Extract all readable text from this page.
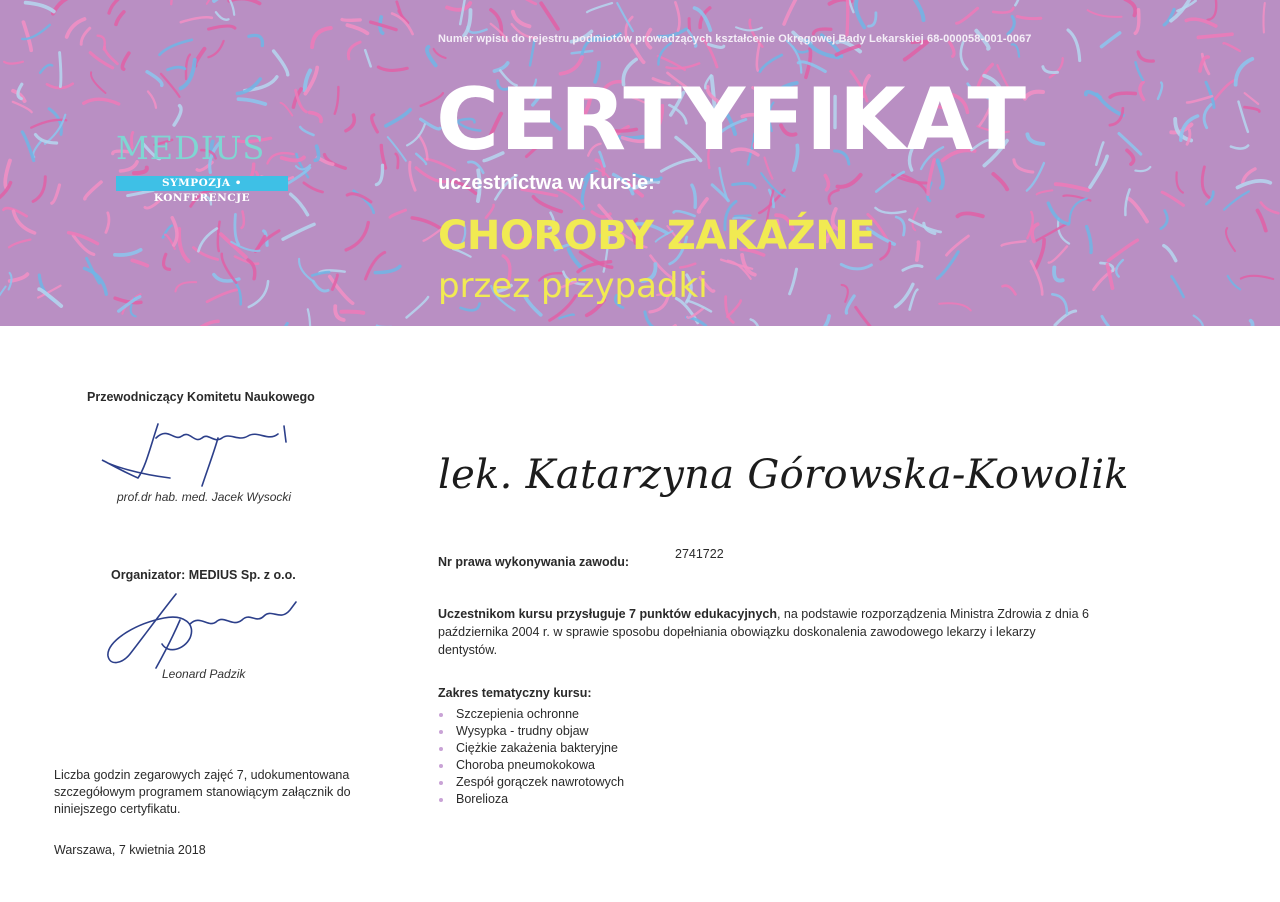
Numer wpisu do rejestru podmiotów prowadzących kształcenie Okręgowej Bady Lekarskiej 68-000058-001-0067
MEDIUS
SYMPOZJA • KONFERENCJE
CERTYFIKAT
uczestnictwa w kursie:
CHOROBY ZAKAŹNE
przez przypadki
Przewodniczący Komitetu Naukowego
prof.dr hab. med. Jacek Wysocki
Organizator: MEDIUS Sp. z o.o.
Leonard Padzik
Liczba godzin zegarowych zajęć 7, udokumentowana szczegółowym programem stanowiącym załącznik do niniejszego certyfikatu.
Warszawa, 7 kwietnia 2018
lek. Katarzyna Górowska-Kowolik
Nr prawa wykonywania zawodu:
2741722
Uczestnikom kursu przysługuje 7 punktów edukacyjnych, na podstawie rozporządzenia Ministra Zdrowia z dnia 6 października 2004 r. w sprawie sposobu dopełniania obowiązku doskonalenia zawodowego lekarzy i lekarzy dentystów.
Zakres tematyczny kursu:
Szczepienia ochronne
Wysypka - trudny objaw
Ciężkie zakażenia bakteryjne
Choroba pneumokokowa
Zespół gorączek nawrotowych
Borelioza
